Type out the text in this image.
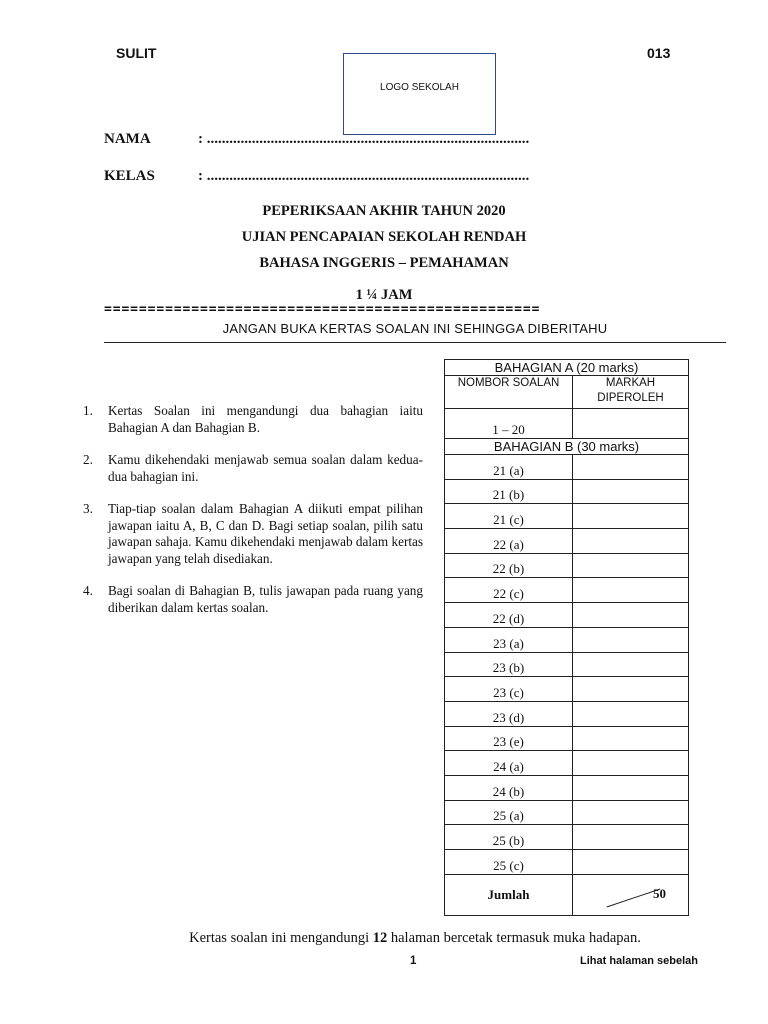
SULIT	013
LOGO SEKOLAH
NAMA	: ......................................................................................
KELAS	: ......................................................................................
PEPERIKSAAN AKHIR TAHUN 2020
UJIAN PENCAPAIAN SEKOLAH RENDAH
BAHASA INGGERIS – PEMAHAMAN
1 ¼ JAM
==================================================
JANGAN BUKA KERTAS SOALAN INI SEHINGGA DIBERITAHU
1. Kertas Soalan ini mengandungi dua bahagian iaitu Bahagian A dan Bahagian B.
2. Kamu dikehendaki menjawab semua soalan dalam kedua-dua bahagian ini.
3. Tiap-tiap soalan dalam Bahagian A diikuti empat pilihan jawapan iaitu A, B, C dan D. Bagi setiap soalan, pilih satu jawapan sahaja. Kamu dikehendaki menjawab dalam kertas jawapan yang telah disediakan.
4. Bagi soalan di Bahagian B, tulis jawapan pada ruang yang diberikan dalam kertas soalan.
BAHAGIAN A (20 marks)	
NOMBOR SOALAN	MARKAH DIPEROLEH
1 – 20	
BAHAGIAN B (30 marks)	
21 (a)	
21 (b)	
21 (c)	
22 (a)	
22 (b)	
22 (c)	
22 (d)	
23 (a)	
23 (b)	
23 (c)	
23 (d)	
23 (e)	
24 (a)	
24 (b)	
25 (a)	
25 (b)	
25 (c)	
Jumlah	50
Kertas soalan ini mengandungi 12 halaman bercetak termasuk muka hadapan.
1	Lihat halaman sebelah
